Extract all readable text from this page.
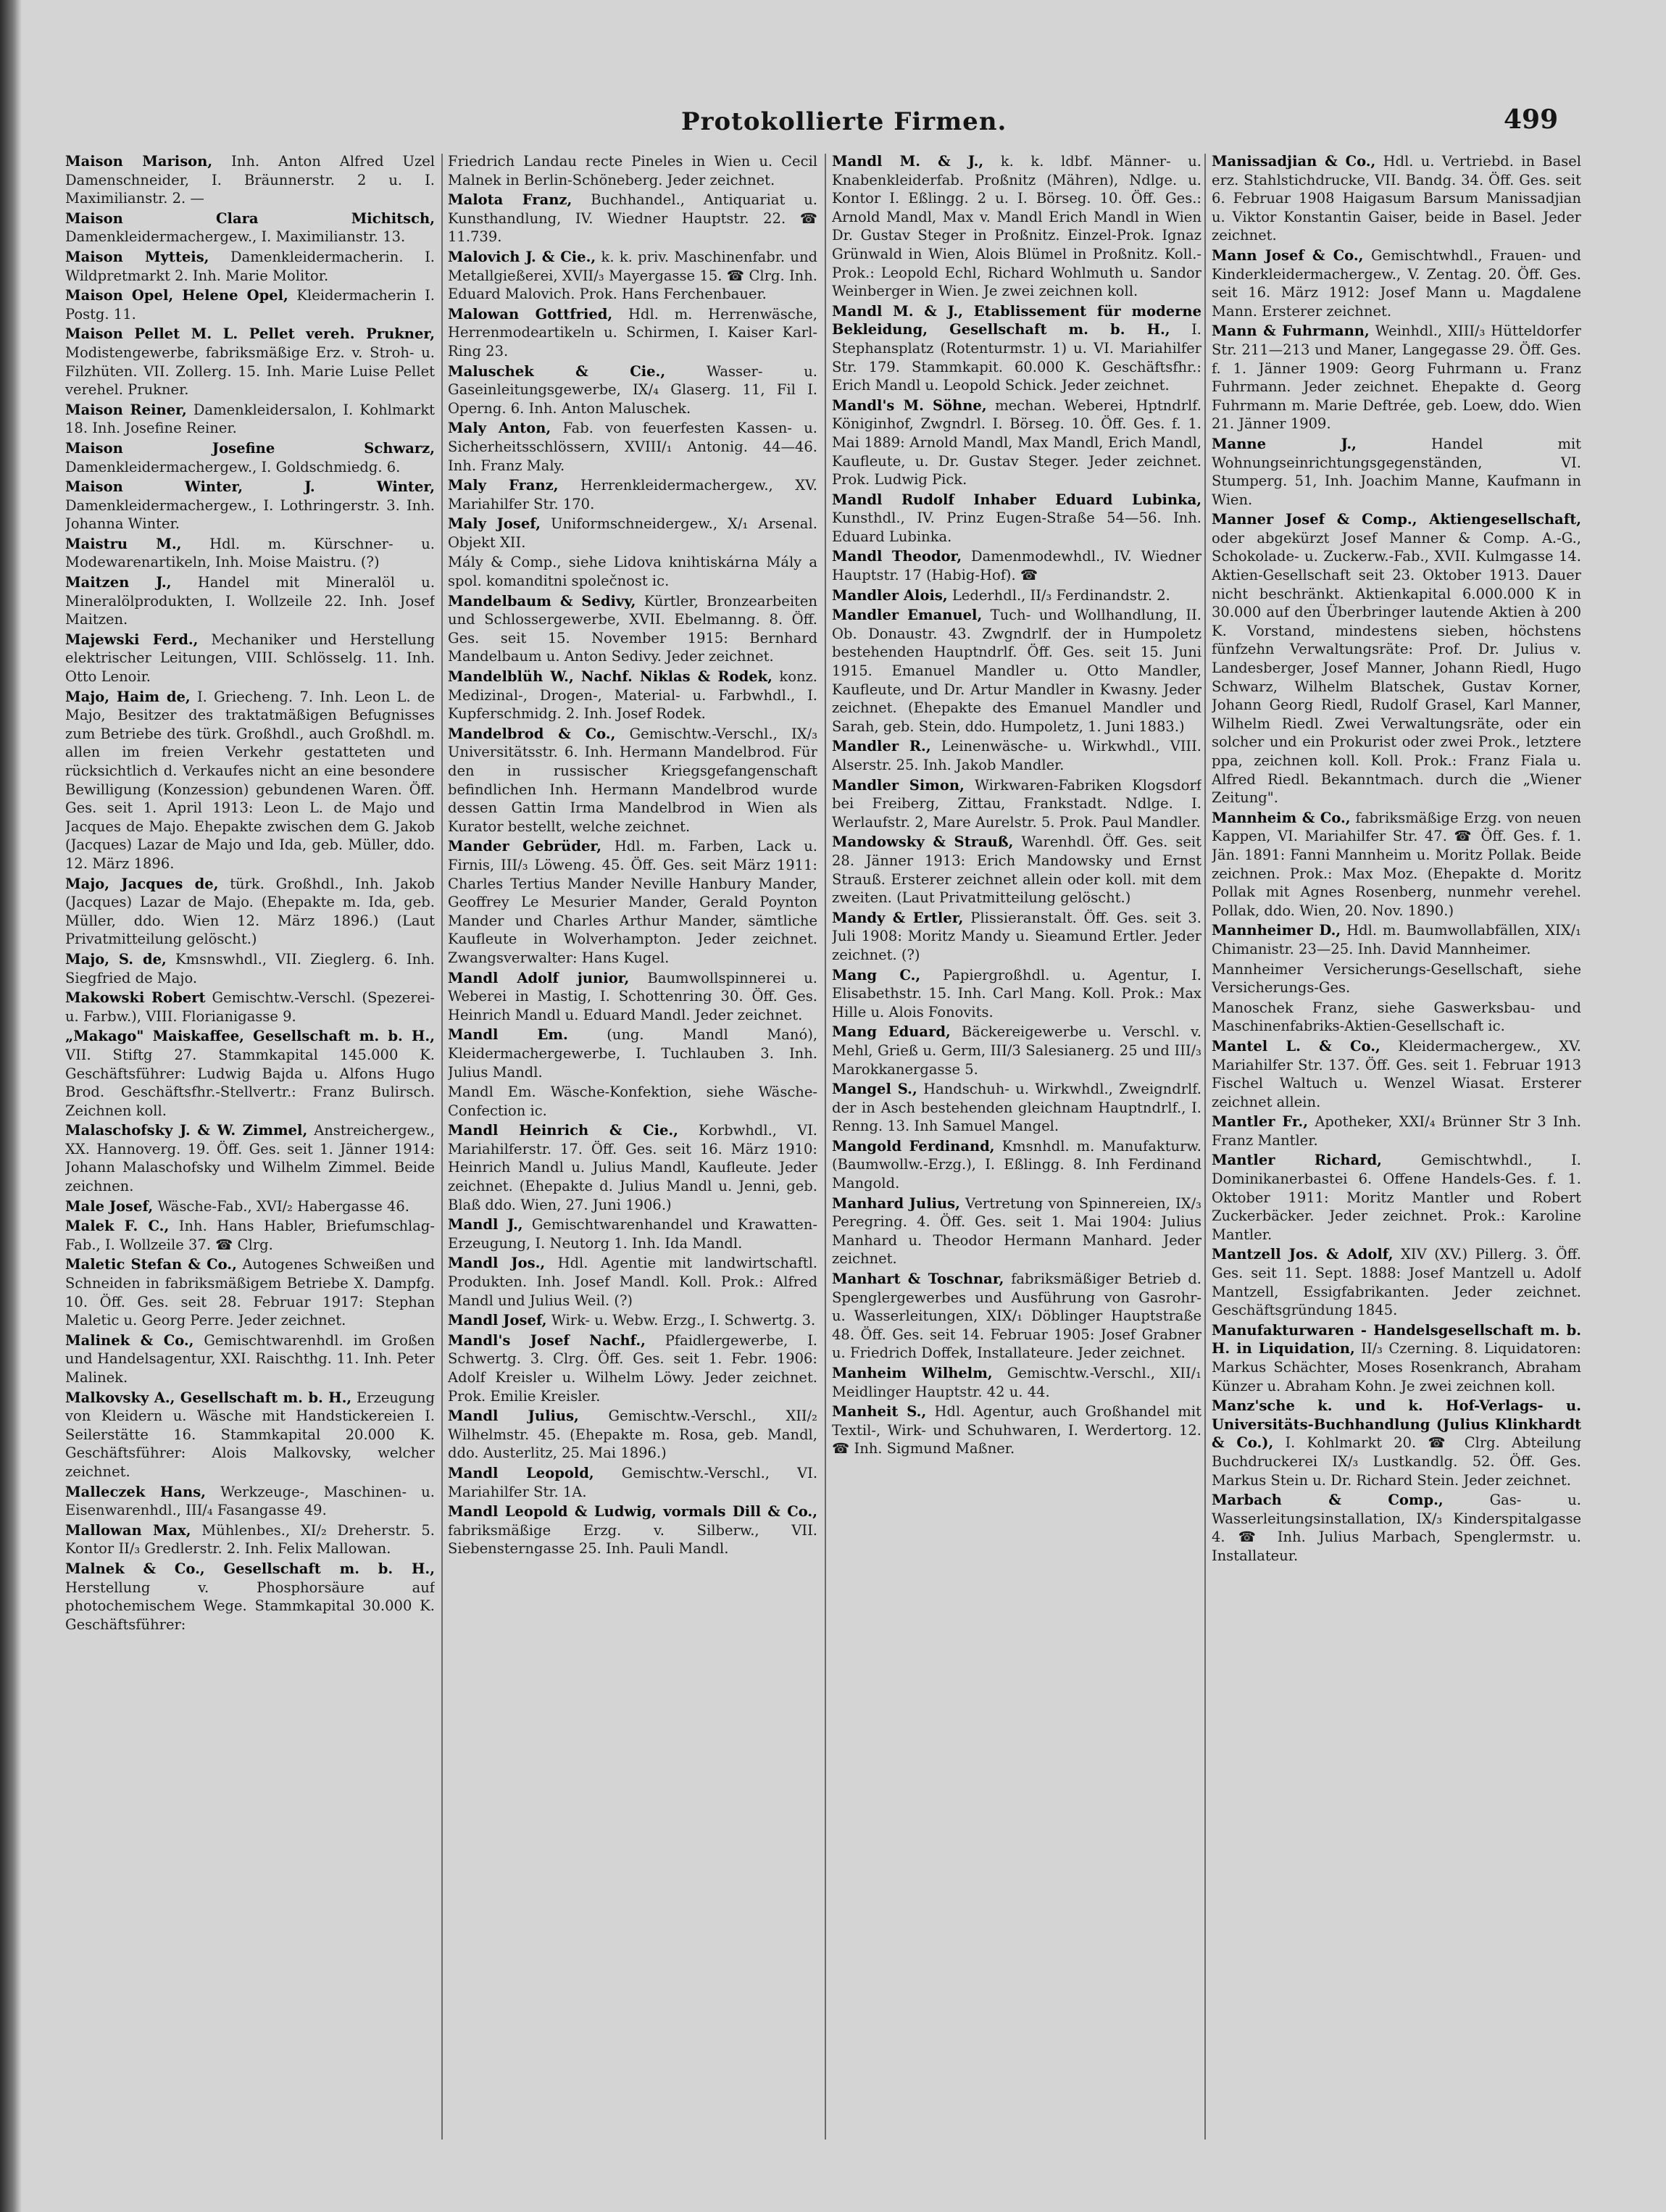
Protokollierte Firmen.	499

Maison Marison, Inh. Anton Alfred Uzel Damenschneider, I. Bräunnerstr. 2 u. I. Maximilianstr. 2. —

Maison Clara Michitsch, Damenkleidermachergew., I. Maximilianstr. 13.

Maison Mytteis, Damenkleidermacherin. I. Wildpretmarkt 2. Inh. Marie Molitor.

Maison Opel, Helene Opel, Kleidermacherin I. Postg. 11.

Maison Pellet M. L. Pellet vereh. Prukner, Modistengewerbe, fabriksmäßige Erz. v. Stroh- u. Filzhüten. VII. Zollerg. 15. Inh. Marie Luise Pellet verehel. Prukner.

Maison Reiner, Damenkleidersalon, I. Kohlmarkt 18. Inh. Josefine Reiner.

Maison Josefine Schwarz, Damenkleidermachergew., I. Goldschmiedg. 6.

Maison Winter, J. Winter, Damenkleidermachergew., I. Lothringerstr. 3. Inh. Johanna Winter.

Maistru M., Hdl. m. Kürschner- u. Modewarenartikeln, Inh. Moise Maistru. (?)

Maitzen J., Handel mit Mineralöl u. Mineralölprodukten, I. Wollzeile 22. Inh. Josef Maitzen.

Majewski Ferd., Mechaniker und Herstellung elektrischer Leitungen, VIII. Schlösselg. 11. Inh. Otto Lenoir.

Majo, Haim de, I. Griecheng. 7. Inh. Leon L. de Majo, Besitzer des traktatmäßigen Befugnisses zum Betriebe des türk. Großhdl., auch Großhdl. m. allen im freien Verkehr gestatteten und rücksichtlich d. Verkaufes nicht an eine besondere Bewilligung (Konzession) gebundenen Waren. Öff. Ges. seit 1. April 1913: Leon L. de Majo und Jacques de Majo. Ehepakte zwischen dem G. Jakob (Jacques) Lazar de Majo und Ida, geb. Müller, ddo. 12. März 1896.

Majo, Jacques de, türk. Großhdl., Inh. Jakob (Jacques) Lazar de Majo. (Ehepakte m. Ida, geb. Müller, ddo. Wien 12. März 1896.) (Laut Privatmitteilung gelöscht.)

Majo, S. de, Kmsnswhdl., VII. Zieglerg. 6. Inh. Siegfried de Majo.

Makowski Robert Gemischtw.-Verschl. (Spezerei- u. Farbw.), VIII. Florianigasse 9.

„Makago" Maiskaffee, Gesellschaft m. b. H., VII. Stiftg 27. Stammkapital 145.000 K. Geschäftsführer: Ludwig Bajda u. Alfons Hugo Brod. Geschäftsfhr.-Stellvertr.: Franz Bulirsch. Zeichnen koll.

Malaschofsky J. & W. Zimmel, Anstreichergew., XX. Hannoverg. 19. Öff. Ges. seit 1. Jänner 1914: Johann Malaschofsky und Wilhelm Zimmel. Beide zeichnen.

Male Josef, Wäsche-Fab., XVI/₂ Habergasse 46.

Malek F. C., Inh. Hans Habler, Briefumschlag-Fab., I. Wollzeile 37. ☎ Clrg.

Maletic Stefan & Co., Autogenes Schweißen und Schneiden in fabriksmäßigem Betriebe X. Dampfg. 10. Öff. Ges. seit 28. Februar 1917: Stephan Maletic u. Georg Perre. Jeder zeichnet.

Malinek & Co., Gemischtwarenhdl. im Großen und Handelsagentur, XXI. Raischthg. 11. Inh. Peter Malinek.

Malkovsky A., Gesellschaft m. b. H., Erzeugung von Kleidern u. Wäsche mit Handstickereien I. Seilerstätte 16. Stammkapital 20.000 K. Geschäftsführer: Alois Malkovsky, welcher zeichnet.

Malleczek Hans, Werkzeuge-, Maschinen- u. Eisenwarenhdl., III/₄ Fasangasse 49.

Mallowan Max, Mühlenbes., XI/₂ Dreherstr. 5. Kontor II/₃ Gredlerstr. 2. Inh. Felix Mallowan.

Malnek & Co., Gesellschaft m. b. H., Herstellung v. Phosphorsäure auf photochemischem Wege. Stammkapital 30.000 K. Geschäftsführer:

Friedrich Landau recte Pineles in Wien u. Cecil Malnek in Berlin-Schöneberg. Jeder zeichnet.

Malota Franz, Buchhandel., Antiquariat u. Kunsthandlung, IV. Wiedner Hauptstr. 22. ☎ 11.739.

Malovich J. & Cie., k. k. priv. Maschinenfabr. und Metallgießerei, XVII/₃ Mayergasse 15. ☎ Clrg. Inh. Eduard Malovich. Prok. Hans Ferchenbauer.

Malowan Gottfried, Hdl. m. Herrenwäsche, Herrenmodeartikeln u. Schirmen, I. Kaiser Karl-Ring 23.

Maluschek & Cie.,	Wasser- u. Gaseinleitungsgewerbe, IX/₄ Glaserg. 11, Fil I. Operng. 6. Inh. Anton Maluschek.

Maly Anton, Fab. von feuerfesten Kassen- u. Sicherheitsschlössern, XVIII/₁ Antonig. 44—46. Inh. Franz Maly.

Maly Franz, Herrenkleidermachergew., XV. Mariahilfer Str. 170.

Maly Josef, Uniformschneidergew., X/₁ Arsenal. Objekt XII.

Mály & Comp., siehe Lidova knihtiskárna Mály a spol. komanditni společnost ic.

Mandelbaum & Sedivy, Kürtler, Bronzearbeiten und Schlossergewerbe, XVII. Ebelmanng. 8. Öff. Ges. seit 15. November 1915: Bernhard Mandelbaum u. Anton Sedivy. Jeder zeichnet.

Mandelblüh W., Nachf. Niklas & Rodek, konz. Medizinal-, Drogen-, Material- u. Farbwhdl., I. Kupferschmidg. 2. Inh. Josef Rodek.

Mandelbrod & Co., Gemischtw.-Verschl., IX/₃ Universitätsstr. 6. Inh. Hermann Mandelbrod. Für den in russischer Kriegsgefangenschaft befindlichen Inh. Hermann Mandelbrod wurde dessen Gattin Irma Mandelbrod in Wien als Kurator bestellt, welche zeichnet.

Mander Gebrüder, Hdl. m. Farben, Lack u. Firnis, III/₃ Löweng. 45. Öff. Ges. seit März 1911: Charles Tertius Mander Neville Hanbury Mander, Geoffrey Le Mesurier Mander, Gerald Poynton Mander und Charles Arthur Mander, sämtliche Kaufleute in Wolverhampton. Jeder zeichnet. Zwangsverwalter: Hans Kugel.

Mandl Adolf junior, Baumwollspinnerei u. Weberei in Mastig, I. Schottenring 30. Öff. Ges. Heinrich Mandl u. Eduard Mandl. Jeder zeichnet.

Mandl Em.	(ung. Mandl Manó), Kleidermachergewerbe, I. Tuchlauben 3. Inh. Julius Mandl.

Mandl Em. Wäsche-Konfektion, siehe Wäsche-Confection ic.

Mandl Heinrich & Cie., Korbwhdl., VI. Mariahilferstr. 17. Öff. Ges. seit 16. März 1910: Heinrich Mandl u. Julius Mandl, Kaufleute. Jeder zeichnet. (Ehepakte d. Julius Mandl u. Jenni, geb. Blaß ddo. Wien, 27. Juni 1906.)

Mandl J., Gemischtwarenhandel und Krawatten-Erzeugung, I. Neutorg 1. Inh. Ida Mandl.

Mandl Jos., Hdl. Agentie mit landwirtschaftl. Produkten. Inh. Josef Mandl. Koll. Prok.: Alfred Mandl und Julius Weil. (?)

Mandl Josef, Wirk- u. Webw. Erzg., I. Schwertg. 3.

Mandl's Josef Nachf., Pfaidlergewerbe, I. Schwertg. 3. Clrg. Öff. Ges. seit 1. Febr. 1906: Adolf Kreisler u. Wilhelm Löwy. Jeder zeichnet. Prok. Emilie Kreisler.

Mandl Julius, Gemischtw.-Verschl., XII/₂ Wilhelmstr. 45. (Ehepakte m. Rosa, geb. Mandl, ddo. Austerlitz, 25. Mai 1896.)

Mandl Leopold, Gemischtw.-Verschl., VI. Mariahilfer Str. 1A.

Mandl Leopold & Ludwig, vormals Dill & Co., fabriksmäßige Erzg. v. Silberw., VII. Siebensterngasse 25. Inh. Pauli Mandl.

Mandl M. & J., k. k. ldbf. Männer- u. Knabenkleiderfab. Proßnitz (Mähren), Ndlge. u. Kontor I. Eßlingg. 2 u. I. Börseg. 10. Öff. Ges.: Arnold Mandl, Max v. Mandl Erich Mandl in Wien Dr. Gustav Steger in Proßnitz. Einzel-Prok. Ignaz Grünwald in Wien, Alois Blümel in Proßnitz. Koll.-Prok.: Leopold Echl, Richard Wohlmuth u. Sandor Weinberger in Wien. Je zwei zeichnen koll.

Mandl M. & J., Etablissement für moderne Bekleidung, Gesellschaft m. b. H., I. Stephansplatz (Rotenturmstr. 1) u. VI. Mariahilfer Str. 179. Stammkapit. 60.000 K. Geschäftsfhr.: Erich Mandl u. Leopold Schick. Jeder zeichnet.

Mandl's M. Söhne, mechan. Weberei, Hptndrlf. Königinhof, Zwgndrl. I. Börseg. 10. Öff. Ges. f. 1. Mai 1889: Arnold Mandl, Max Mandl, Erich Mandl, Kaufleute, u. Dr. Gustav Steger. Jeder zeichnet. Prok. Ludwig Pick.

Mandl Rudolf Inhaber Eduard Lubinka, Kunsthdl., IV. Prinz Eugen-Straße 54—56. Inh. Eduard Lubinka.

Mandl Theodor, Damenmodewhdl., IV. Wiedner Hauptstr. 17 (Habig-Hof). ☎

Mandler Alois, Lederhdl., II/₃ Ferdinandstr. 2.

Mandler Emanuel, Tuch- und Wollhandlung, II. Ob. Donaustr. 43. Zwgndrlf. der in Humpoletz bestehenden Hauptndrlf. Öff. Ges. seit 15. Juni 1915. Emanuel Mandler u. Otto Mandler, Kaufleute, und Dr. Artur Mandler in Kwasny. Jeder zeichnet. (Ehepakte des Emanuel Mandler und Sarah, geb. Stein, ddo. Humpoletz, 1. Juni 1883.)

Mandler R., Leinenwäsche- u. Wirkwhdl., VIII. Alserstr. 25. Inh. Jakob Mandler.

Mandler Simon, Wirkwaren-Fabriken Klogsdorf bei Freiberg, Zittau, Frankstadt. Ndlge. I. Werlaufstr. 2, Mare Aurelstr. 5. Prok. Paul Mandler.

Mandowsky & Strauß, Warenhdl. Öff. Ges. seit 28. Jänner 1913: Erich Mandowsky und Ernst Strauß. Ersterer zeichnet allein oder koll. mit dem zweiten. (Laut Privatmitteilung gelöscht.)

Mandy & Ertler, Plissieranstalt. Öff. Ges. seit 3. Juli 1908: Moritz Mandy u. Sieamund Ertler. Jeder zeichnet. (?)

Mang C., Papiergroßhdl. u. Agentur, I. Elisabethstr. 15. Inh. Carl Mang. Koll. Prok.: Max Hille u. Alois Fonovits.

Mang Eduard, Bäckereigewerbe u. Verschl. v. Mehl, Grieß u. Germ, III/3 Salesianerg. 25 und III/₃ Marokkanergasse 5.

Mangel S., Handschuh- u. Wirkwhdl., Zweigndrlf. der in Asch bestehenden gleichnam Hauptndrlf., I. Renng. 13. Inh Samuel Mangel.

Mangold Ferdinand, Kmsnhdl. m. Manufakturw. (Baumwollw.-Erzg.), I. Eßlingg. 8. Inh Ferdinand Mangold.

Manhard Julius, Vertretung von Spinnereien, IX/₃ Peregring. 4. Öff. Ges. seit 1. Mai 1904: Julius Manhard u. Theodor Hermann Manhard. Jeder zeichnet.

Manhart & Toschnar, fabriksmäßiger Betrieb d. Spenglergewerbes und Ausführung von Gasrohr- u. Wasserleitungen, XIX/₁ Döblinger Hauptstraße 48. Öff. Ges. seit 14. Februar 1905: Josef Grabner u. Friedrich Doffek, Installateure. Jeder zeichnet.

Manheim Wilhelm, Gemischtw.-Verschl., XII/₁ Meidlinger Hauptstr. 42 u. 44.

Manheit S., Hdl. Agentur, auch Großhandel mit Textil-, Wirk- und Schuhwaren, I. Werdertorg. 12. ☎ Inh. Sigmund Maßner.

Manissadjian & Co., Hdl. u. Vertriebd. in Basel erz. Stahlstichdrucke, VII. Bandg. 34. Öff. Ges. seit 6. Februar 1908 Haigasum Barsum Manissadjian u. Viktor Konstantin Gaiser, beide in Basel. Jeder zeichnet.

Mann Josef & Co., Gemischtwhdl., Frauen- und Kinderkleidermachergew., V. Zentag. 20. Öff. Ges. seit 16. März 1912: Josef Mann u. Magdalene Mann. Ersterer zeichnet.

Mann & Fuhrmann, Weinhdl., XIII/₃ Hütteldorfer Str. 211—213 und Maner, Langegasse 29. Öff. Ges. f. 1. Jänner 1909: Georg Fuhrmann u. Franz Fuhrmann. Jeder zeichnet. Ehepakte d. Georg Fuhrmann m. Marie Deftrée, geb. Loew, ddo. Wien 21. Jänner 1909.

Manne J.,	Handel mit Wohnungseinrichtungsgegenständen, VI. Stumperg. 51, Inh. Joachim Manne, Kaufmann in Wien.

Manner Josef & Comp., Aktiengesellschaft, oder abgekürzt Josef Manner & Comp. A.-G., Schokolade- u. Zuckerw.-Fab., XVII. Kulmgasse 14. Aktien-Gesellschaft seit 23. Oktober 1913. Dauer nicht beschränkt. Aktienkapital 6.000.000 K in 30.000 auf den Überbringer lautende Aktien à 200 K. Vorstand, mindestens sieben, höchstens fünfzehn Verwaltungsräte: Prof. Dr. Julius v. Landesberger, Josef Manner, Johann Riedl, Hugo Schwarz, Wilhelm Blatschek, Gustav Korner, Johann Georg Riedl, Rudolf Grasel, Karl Manner, Wilhelm Riedl. Zwei Verwaltungsräte, oder ein solcher und ein Prokurist oder zwei Prok., letztere ppa, zeichnen koll. Koll. Prok.: Franz Fiala u. Alfred Riedl. Bekanntmach. durch die „Wiener Zeitung".

Mannheim & Co., fabriksmäßige Erzg. von neuen Kappen, VI. Mariahilfer Str. 47. ☎ Öff. Ges. f. 1. Jän. 1891: Fanni Mannheim u. Moritz Pollak. Beide zeichnen. Prok.: Max Moz. (Ehepakte d. Moritz Pollak mit Agnes Rosenberg, nunmehr verehel. Pollak, ddo. Wien, 20. Nov. 1890.)

Mannheimer D., Hdl. m. Baumwollabfällen, XIX/₁ Chimanistr. 23—25. Inh. David Mannheimer.

Mannheimer Versicherungs-Gesellschaft, siehe Versicherungs-Ges.

Manoschek Franz, siehe Gaswerksbau- und Maschinenfabriks-Aktien-Gesellschaft ic.

Mantel L. & Co., Kleidermachergew., XV. Mariahilfer Str. 137. Öff. Ges. seit 1. Februar 1913 Fischel Waltuch u. Wenzel Wiasat. Ersterer zeichnet allein.

Mantler Fr., Apotheker, XXI/₄ Brünner Str 3 Inh. Franz Mantler.

Mantler Richard,	Gemischtwhdl., I. Dominikanerbastei 6. Offene Handels-Ges. f. 1. Oktober 1911: Moritz Mantler und Robert Zuckerbäcker. Jeder zeichnet. Prok.: Karoline Mantler.

Mantzell Jos. & Adolf, XIV (XV.) Pillerg. 3. Öff. Ges. seit 11. Sept. 1888: Josef Mantzell u. Adolf Mantzell, Essigfabrikanten. Jeder zeichnet. Geschäftsgründung 1845.

Manufakturwaren - Handelsgesellschaft m. b. H. in Liquidation, II/₃ Czerning. 8. Liquidatoren: Markus Schächter, Moses Rosenkranch, Abraham Künzer u. Abraham Kohn. Je zwei zeichnen koll.

Manz'sche k. und k. Hof-Verlags- u. Universitäts-Buchhandlung (Julius Klinkhardt & Co.), I. Kohlmarkt 20. ☎ Clrg. Abteilung Buchdruckerei IX/₃ Lustkandlg. 52. Öff. Ges. Markus Stein u. Dr. Richard Stein. Jeder zeichnet.

Marbach & Comp.,	Gas- u. Wasserleitungsinstallation, IX/₃ Kinderspitalgasse 4. ☎ Inh. Julius Marbach, Spenglermstr. u. Installateur.
